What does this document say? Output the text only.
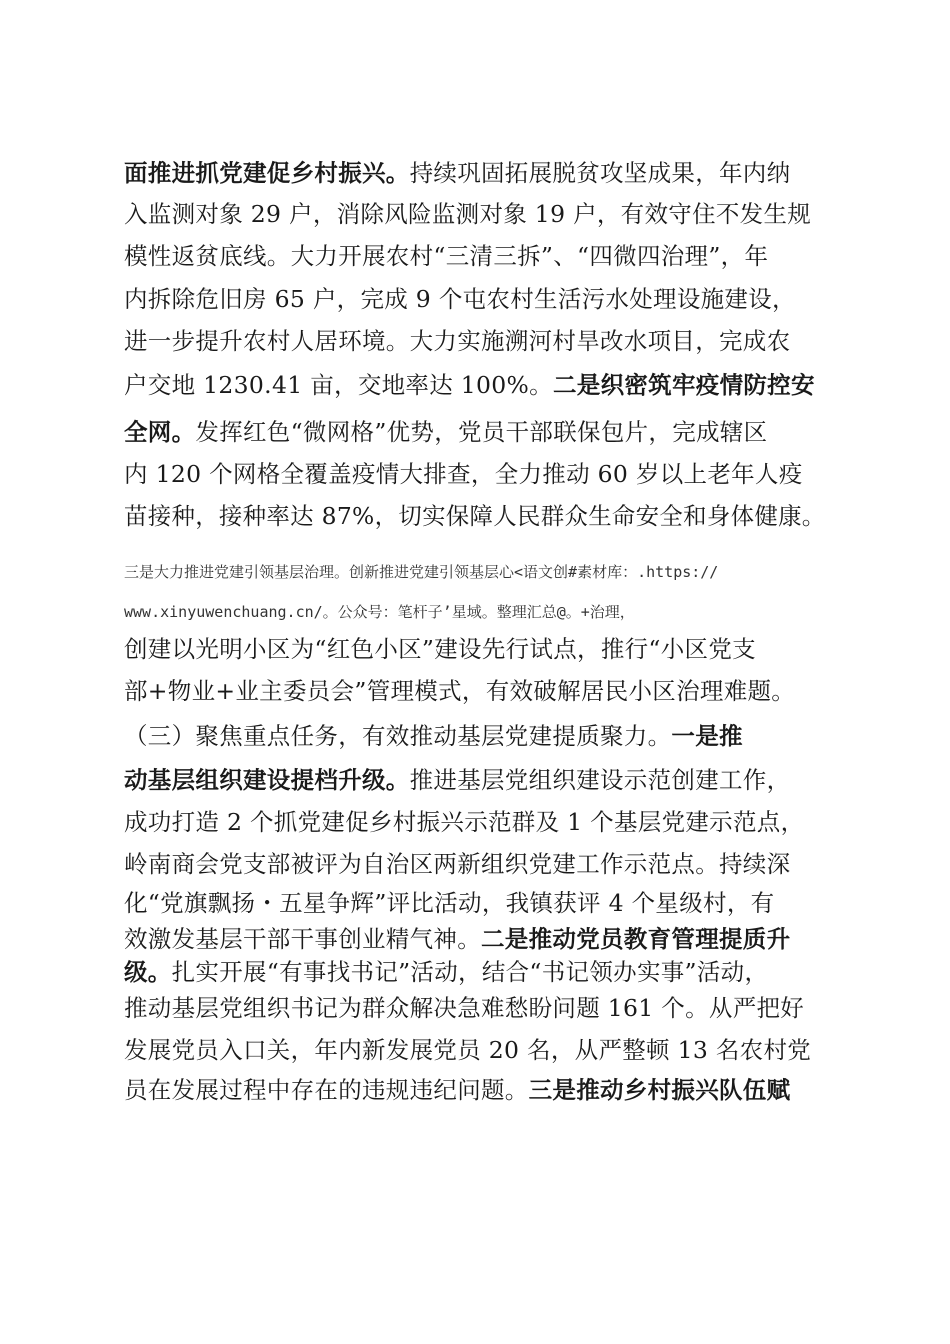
面推进抓党建促乡村振兴。持续巩固拓展脱贫攻坚成果，年内纳
入监测对象 29 户，消除风险监测对象 19 户，有效守住不发生规
模性返贫底线。大力开展农村“三清三拆”、“四微四治理”，年
内拆除危旧房 65 户，完成 9 个屯农村生活污水处理设施建设，
进一步提升农村人居环境。大力实施溯河村旱改水项目，完成农
户交地 1230.41 亩，交地率达 100%。二是织密筑牢疫情防控安
全网。发挥红色“微网格”优势，党员干部联保包片，完成辖区
内 120 个网格全覆盖疫情大排查，全力推动 60 岁以上老年人疫
苗接种，接种率达 87%，切实保障人民群众生命安全和身体健康。
三是大力推进党建引领基层治理。创新推进党建引领基层心<语文创#素材库：.https://
www.xinyuwenchuang.cn/。公众号：笔杆子’星域。整理汇总@。+治理，
创建以光明小区为“红色小区”建设先行试点，推行“小区党支
部+物业+业主委员会”管理模式，有效破解居民小区治理难题。
（三）聚焦重点任务，有效推动基层党建提质聚力。一是推
动基层组织建设提档升级。推进基层党组织建设示范创建工作，
成功打造 2 个抓党建促乡村振兴示范群及 1 个基层党建示范点，
岭南商会党支部被评为自治区两新组织党建工作示范点。持续深
化“党旗飘扬・五星争辉”评比活动，我镇获评 4 个星级村，有
效激发基层干部干事创业精气神。二是推动党员教育管理提质升
级。扎实开展“有事找书记”活动，结合“书记领办实事”活动，
推动基层党组织书记为群众解决急难愁盼问题 161 个。从严把好
发展党员入口关，年内新发展党员 20 名，从严整顿 13 名农村党
员在发展过程中存在的违规违纪问题。三是推动乡村振兴队伍赋
